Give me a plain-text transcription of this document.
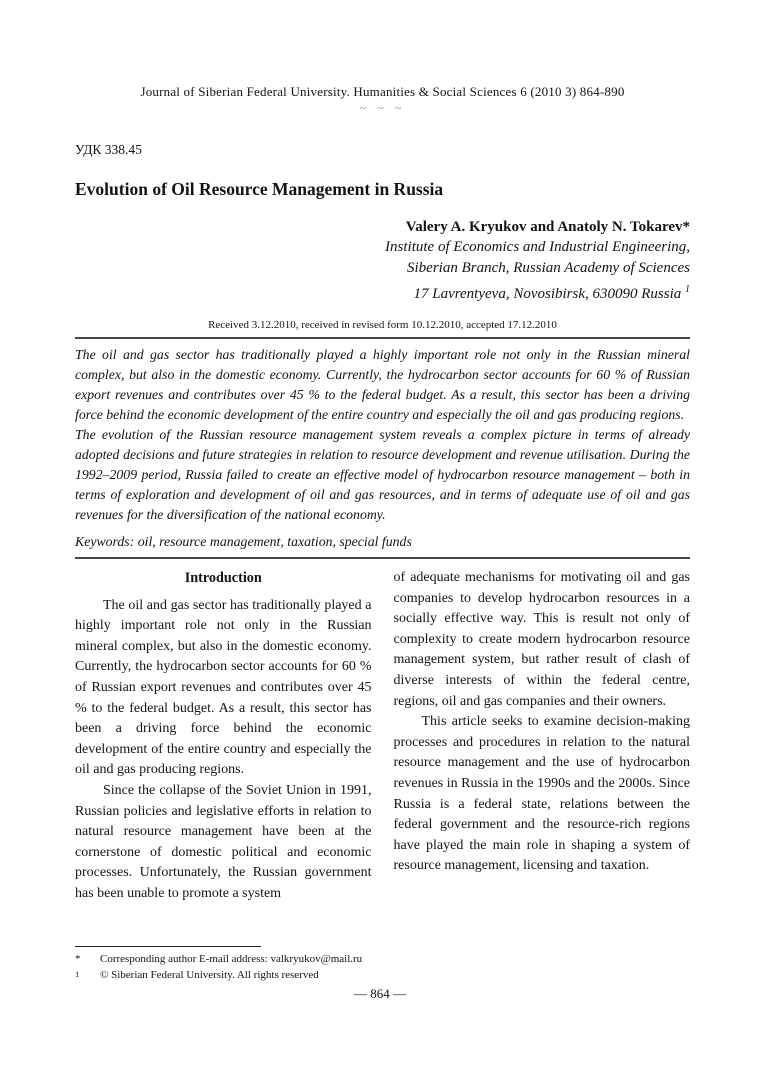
Journal of Siberian Federal University. Humanities & Social Sciences 6 (2010 3) 864-890
~ ~ ~
УДК 338.45
Evolution of Oil Resource Management in Russia
Valery A. Kryukov and Anatoly N. Tokarev*
Institute of Economics and Industrial Engineering,
Siberian Branch, Russian Academy of Sciences
17 Lavrentyeva, Novosibirsk, 630090 Russia $^1$
Received 3.12.2010, received in revised form 10.12.2010, accepted 17.12.2010

The oil and gas sector has traditionally played a highly important role not only in the Russian mineral complex, but also in the domestic economy. Currently, the hydrocarbon sector accounts for 60 % of Russian export revenues and contributes over 45 % to the federal budget. As a result, this sector has been a driving force behind the economic development of the entire country and especially the oil and gas producing regions.

The evolution of the Russian resource management system reveals a complex picture in terms of already adopted decisions and future strategies in relation to resource development and revenue utilisation. During the 1992–2009 period, Russia failed to create an effective model of hydrocarbon resource management – both in terms of exploration and development of oil and gas resources, and in terms of adequate use of oil and gas revenues for the diversification of the national economy.

Keywords: oil, resource management, taxation, special funds
Introduction

The oil and gas sector has traditionally played a highly important role not only in the Russian mineral complex, but also in the domestic economy. Currently, the hydrocarbon sector accounts for 60 % of Russian export revenues and contributes over 45 % to the federal budget. As a result, this sector has been a driving force behind the economic development of the entire country and especially the oil and gas producing regions.

Since the collapse of the Soviet Union in 1991, Russian policies and legislative efforts in relation to natural resource management have been at the cornerstone of domestic political and economic processes. Unfortunately, the Russian government has been unable to promote a system

of adequate mechanisms for motivating oil and gas companies to develop hydrocarbon resources in a socially effective way. This is result not only of complexity to create modern hydrocarbon resource management system, but rather result of clash of diverse interests of within the federal centre, regions, oil and gas companies and their owners.

This article seeks to examine decision-making processes and procedures in relation to the natural resource management and the use of hydrocarbon revenues in Russia in the 1990s and the 2000s. Since Russia is a federal state, relations between the federal government and the resource-rich regions have played the main role in shaping a system of resource management, licensing and taxation.

*	Corresponding author E-mail address: valkryukov@mail.ru
1	© Siberian Federal University. All rights reserved
— 864 —
